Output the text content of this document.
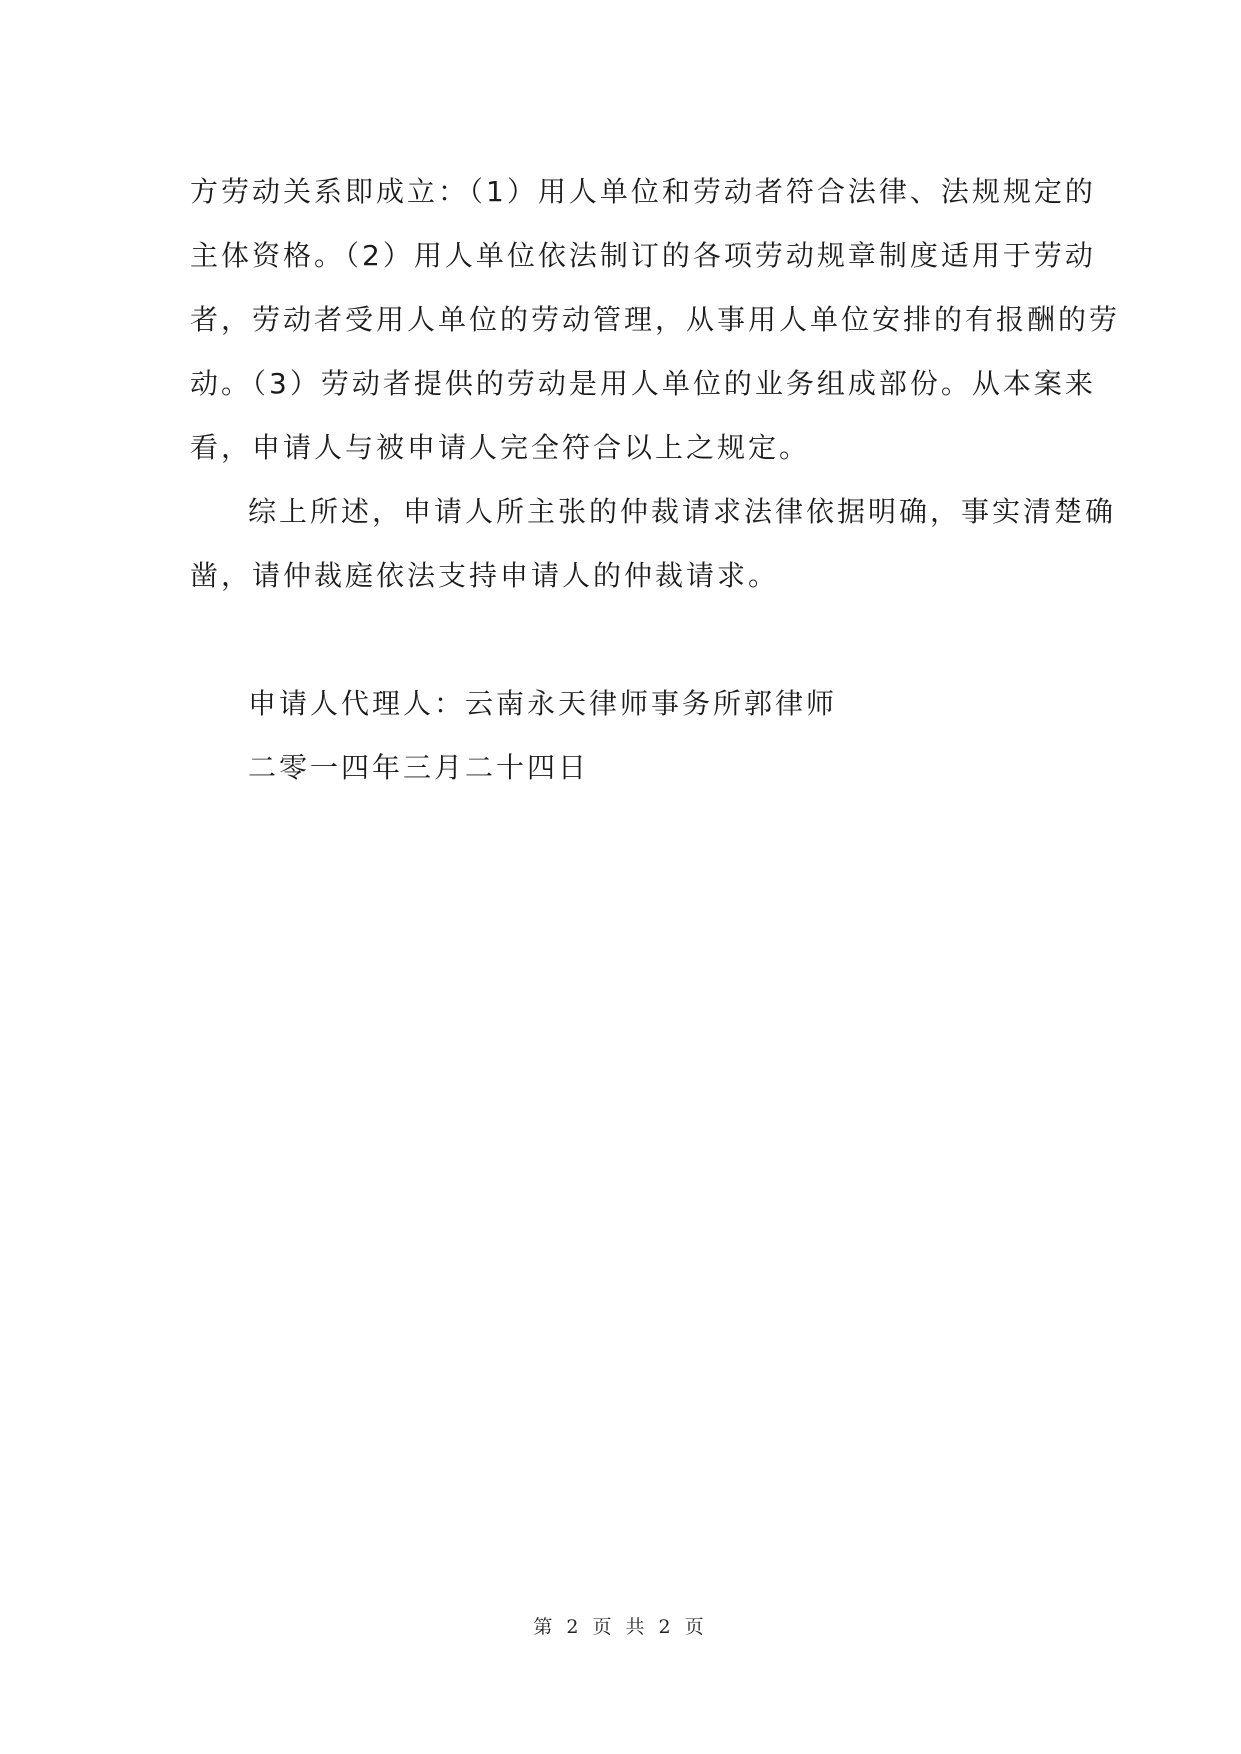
方劳动关系即成立：（1）用人单位和劳动者符合法律、法规规定的
主体资格。（2）用人单位依法制订的各项劳动规章制度适用于劳动
者，劳动者受用人单位的劳动管理，从事用人单位安排的有报酬的劳
动。（3）劳动者提供的劳动是用人单位的业务组成部份。从本案来
看，申请人与被申请人完全符合以上之规定。
综上所述，申请人所主张的仲裁请求法律依据明确，事实清楚确
凿，请仲裁庭依法支持申请人的仲裁请求。
申请人代理人：云南永天律师事务所郭律师
二零一四年三月二十四日
第 2 页 共 2 页
